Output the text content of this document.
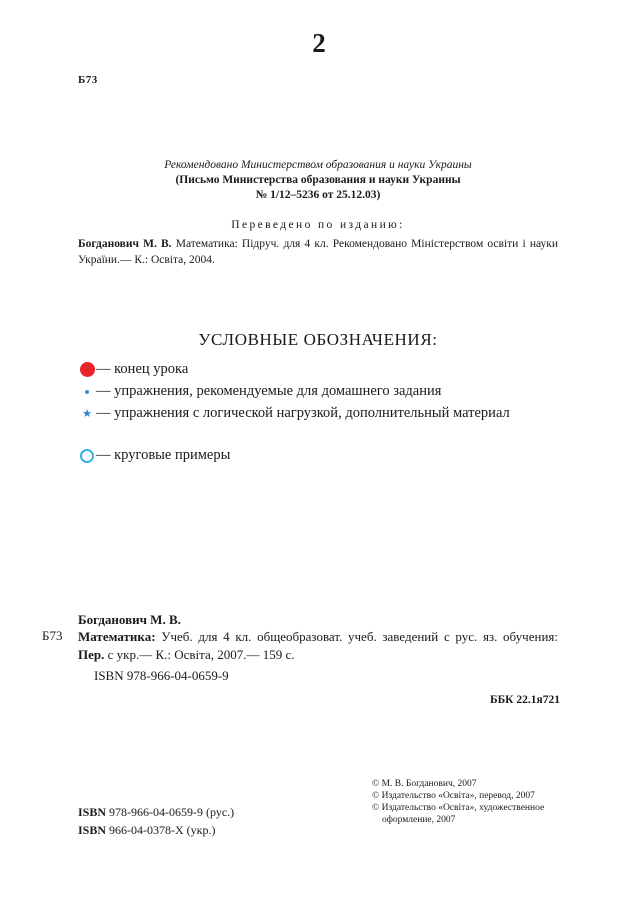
2
Б73
Рекомендовано Министерством образования и науки Украины
(Письмо Министерства образования и науки Украины
№ 1/12–5236 от 25.12.03)
Переведено по изданию:
Богданович М. В. Математика: Підруч. для 4 кл. Рекомендовано Міністерством освіти і науки України.— К.: Освіта, 2004.
УСЛОВНЫЕ ОБОЗНАЧЕНИЯ:
— конец урока
— упражнения, рекомендуемые для домашнего задания
★ — упражнения с логической нагрузкой, дополнительный материал
— круговые примеры
Богданович М. В.
Б73 Математика: Учеб. для 4 кл. общеобразоват. учеб. заведений с рус. яз. обучения: Пер. с укр.— К.: Освіта, 2007.— 159 с.
ISBN 978-966-04-0659-9
ББК 22.1я721
© М. В. Богданович, 2007
© Издательство «Освіта», перевод, 2007
© Издательство «Освіта», художественное оформление, 2007
ISBN 978-966-04-0659-9 (рус.)
ISBN 966-04-0378-X (укр.)
